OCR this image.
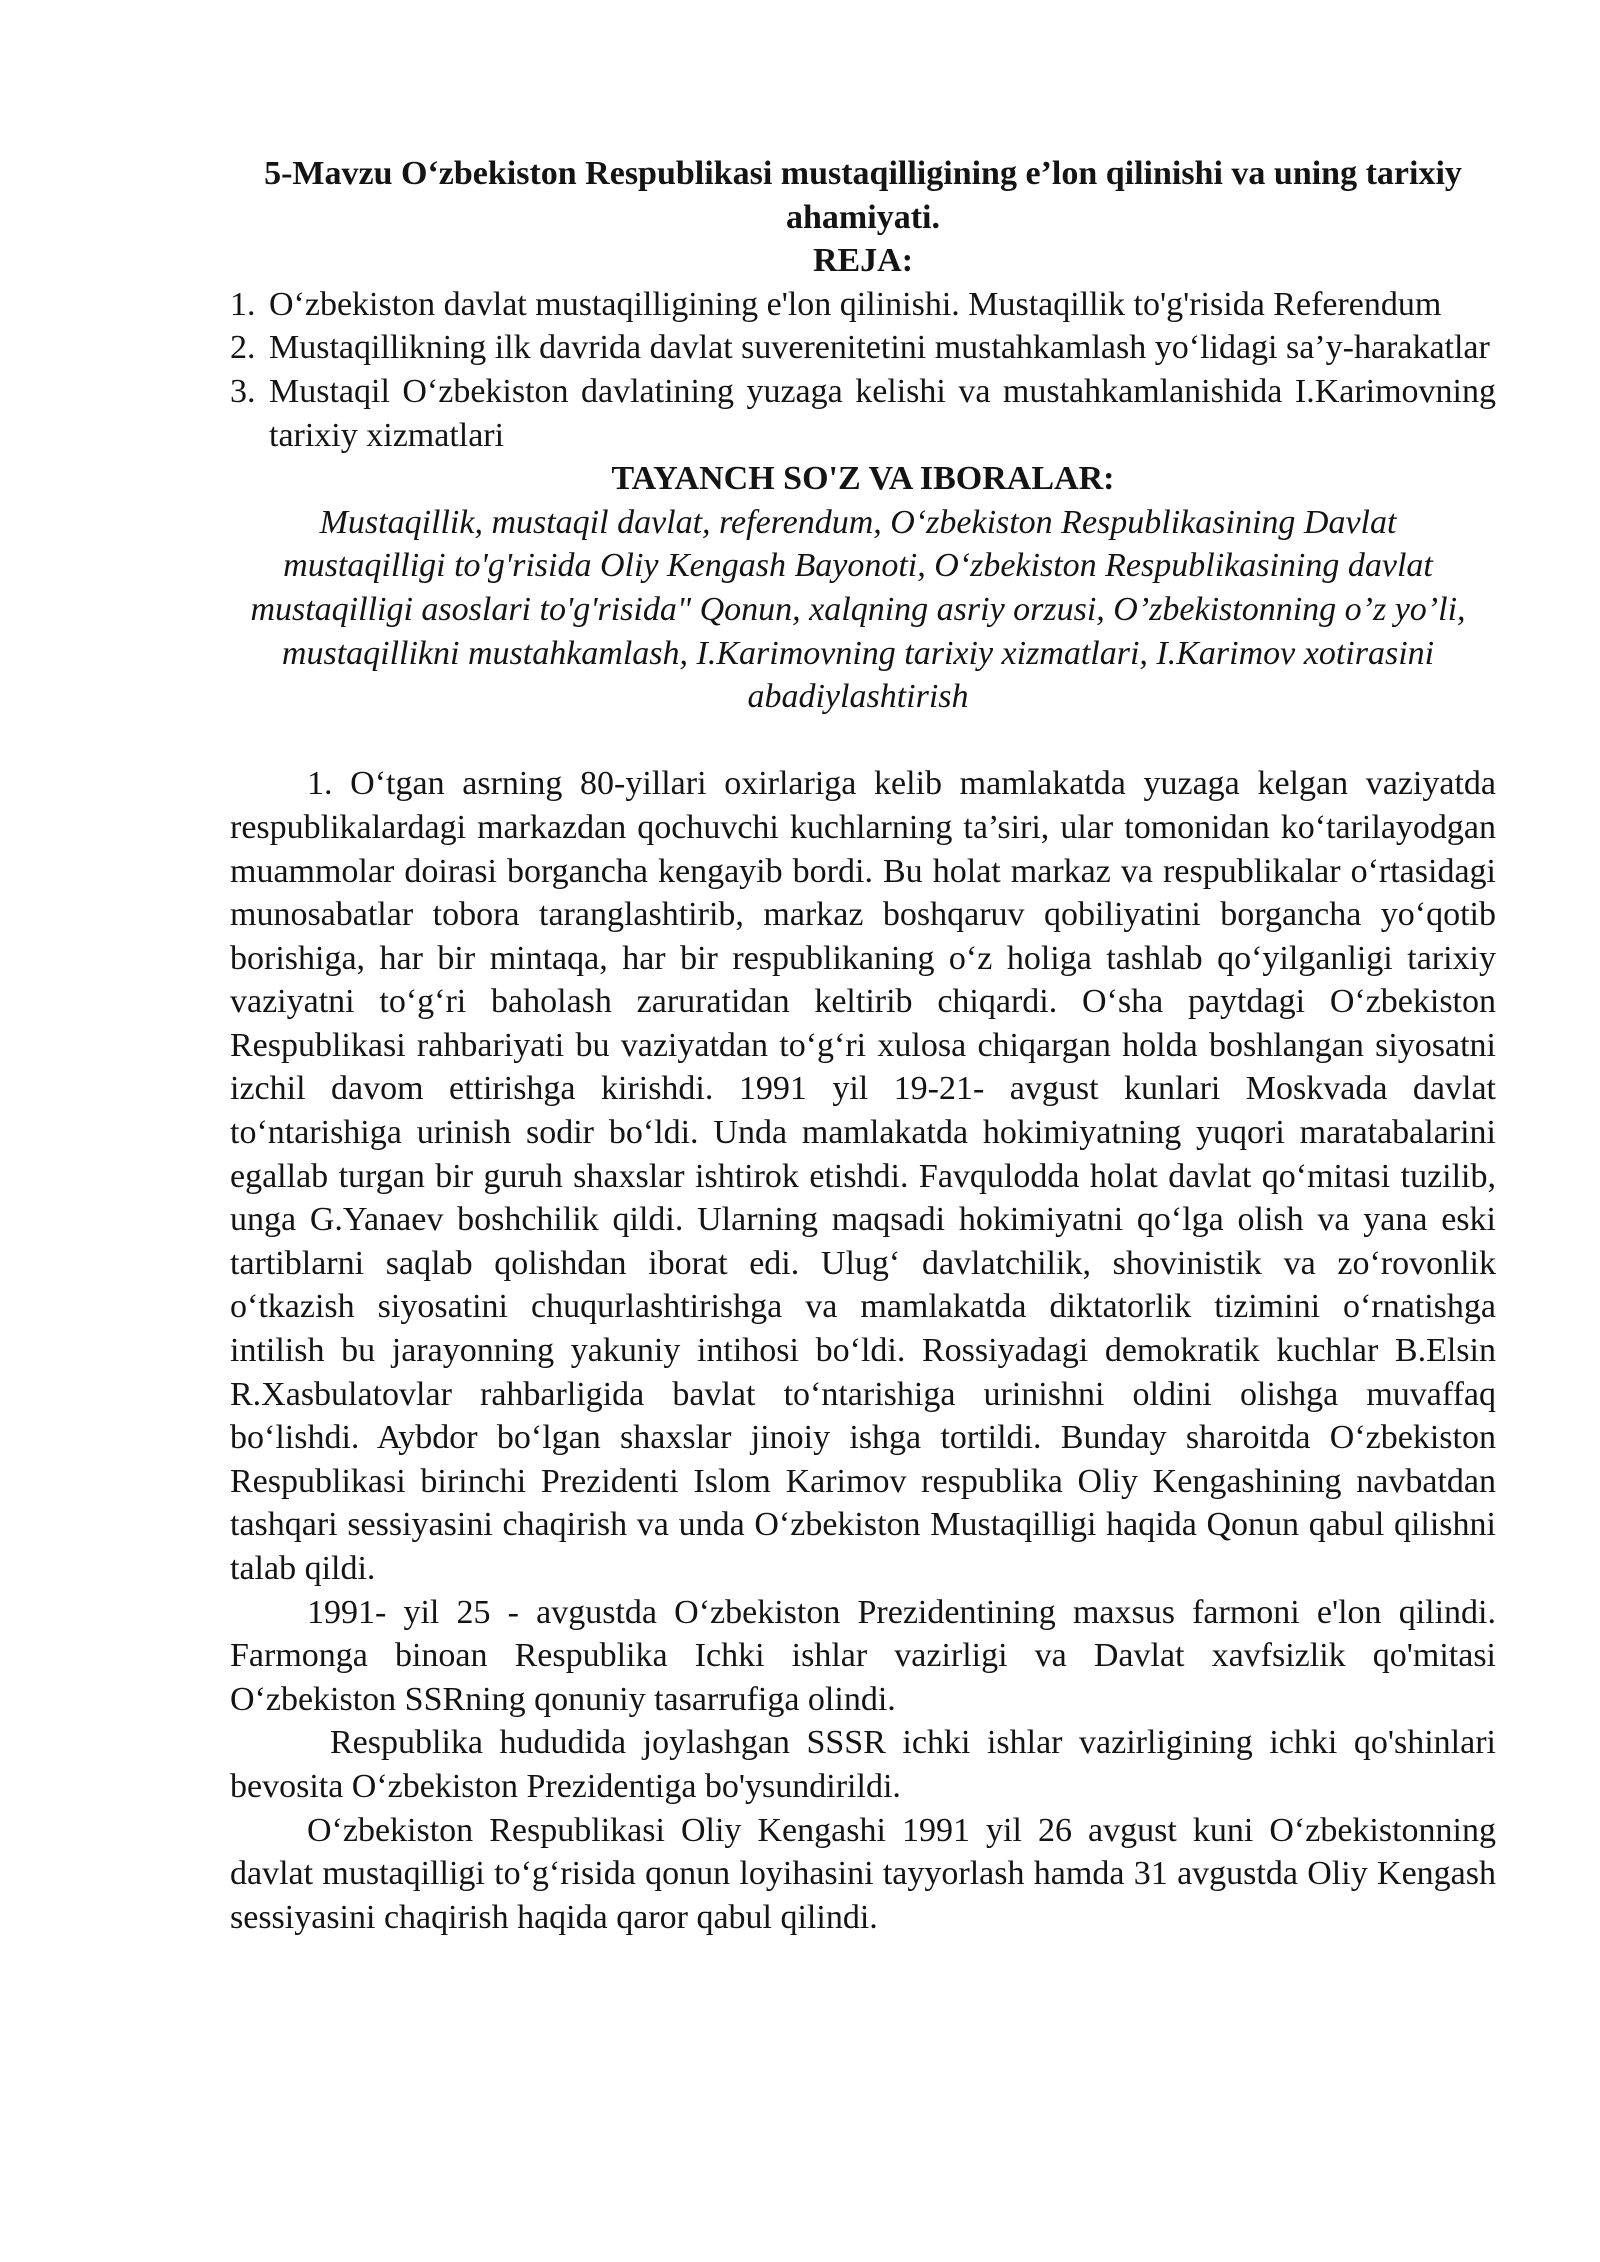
5-Mavzu O‘zbekiston Respublikasi mustaqilligining e’lon qilinishi va uning tarixiy ahamiyati.

REJA:

1. O‘zbekiston davlat mustaqilligining e'lon qilinishi. Mustaqillik to'g'risida Referendum
2. Mustaqillikning ilk davrida davlat suverenitetini mustahkamlash yo‘lidagi sa’y-harakatlar
3. Mustaqil O‘zbekiston davlatining yuzaga kelishi va mustahkamlanishida I.Karimovning tarixiy xizmatlari

TAYANCH SO'Z VA IBORALAR:

Mustaqillik, mustaqil davlat, referendum, O‘zbekiston Respublikasining Davlat mustaqilligi to'g'risida Oliy Kengash Bayonoti, O‘zbekiston Respublikasining davlat mustaqilligi asoslari to'g'risida" Qonun, xalqning asriy orzusi, O’zbekistonning o’z yo’li, mustaqillikni mustahkamlash, I.Karimovning tarixiy xizmatlari, I.Karimov xotirasini abadiylashtirish

1. O‘tgan asrning 80-yillari oxirlariga kelib mamlakatda yuzaga kelgan vaziyatda respublikalardagi markazdan qochuvchi kuchlarning ta’siri, ular tomonidan ko‘tarilayodgan muammolar doirasi borgancha kengayib bordi. Bu holat markaz va respublikalar o‘rtasidagi munosabatlar tobora taranglashtirib, markaz boshqaruv qobiliyatini borgancha yo‘qotib borishiga, har bir mintaqa, har bir respublikaning o‘z holiga tashlab qo‘yilganligi tarixiy vaziyatni to‘g‘ri baholash zaruratidan keltirib chiqardi. O‘sha paytdagi O‘zbekiston Respublikasi rahbariyati bu vaziyatdan to‘g‘ri xulosa chiqargan holda boshlangan siyosatni izchil davom ettirishga kirishdi. 1991 yil 19-21- avgust kunlari Moskvada davlat to‘ntarishiga urinish sodir bo‘ldi. Unda mamlakatda hokimiyatning yuqori maratabalarini egallab turgan bir guruh shaxslar ishtirok etishdi. Favqulodda holat davlat qo‘mitasi tuzilib, unga G.Yanaev boshchilik qildi. Ularning maqsadi hokimiyatni qo‘lga olish va yana eski tartiblarni saqlab qolishdan iborat edi. Ulug‘ davlatchilik, shovinistik va zo‘rovonlik o‘tkazish siyosatini chuqurlashtirishga va mamlakatda diktatorlik tizimini o‘rnatishga intilish bu jarayonning yakuniy intihosi bo‘ldi. Rossiyadagi demokratik kuchlar B.Elsin R.Xasbulatovlar rahbarligida bavlat to‘ntarishiga urinishni oldini olishga muvaffaq bo‘lishdi. Aybdor bo‘lgan shaxslar jinoiy ishga tortildi. Bunday sharoitda O‘zbekiston Respublikasi birinchi Prezidenti Islom Karimov respublika Oliy Kengashining navbatdan tashqari sessiyasini chaqirish va unda O‘zbekiston Mustaqilligi haqida Qonun qabul qilishni talab qildi.

1991- yil 25 - avgustda O‘zbekiston Prezidentining maxsus farmoni e'lon qilindi. Farmonga binoan Respublika Ichki ishlar vazirligi va Davlat xavfsizlik qo'mitasi O‘zbekiston SSRning qonuniy tasarrufiga olindi.

Respublika hududida joylashgan SSSR ichki ishlar vazirligining ichki qo'shinlari bevosita O‘zbekiston Prezidentiga bo'ysundirildi.

O‘zbekiston Respublikasi Oliy Kengashi 1991 yil 26 avgust kuni O‘zbekistonning davlat mustaqilligi to‘g‘risida qonun loyihasini tayyorlash hamda 31 avgustda Oliy Kengash sessiyasini chaqirish haqida qaror qabul qilindi.
